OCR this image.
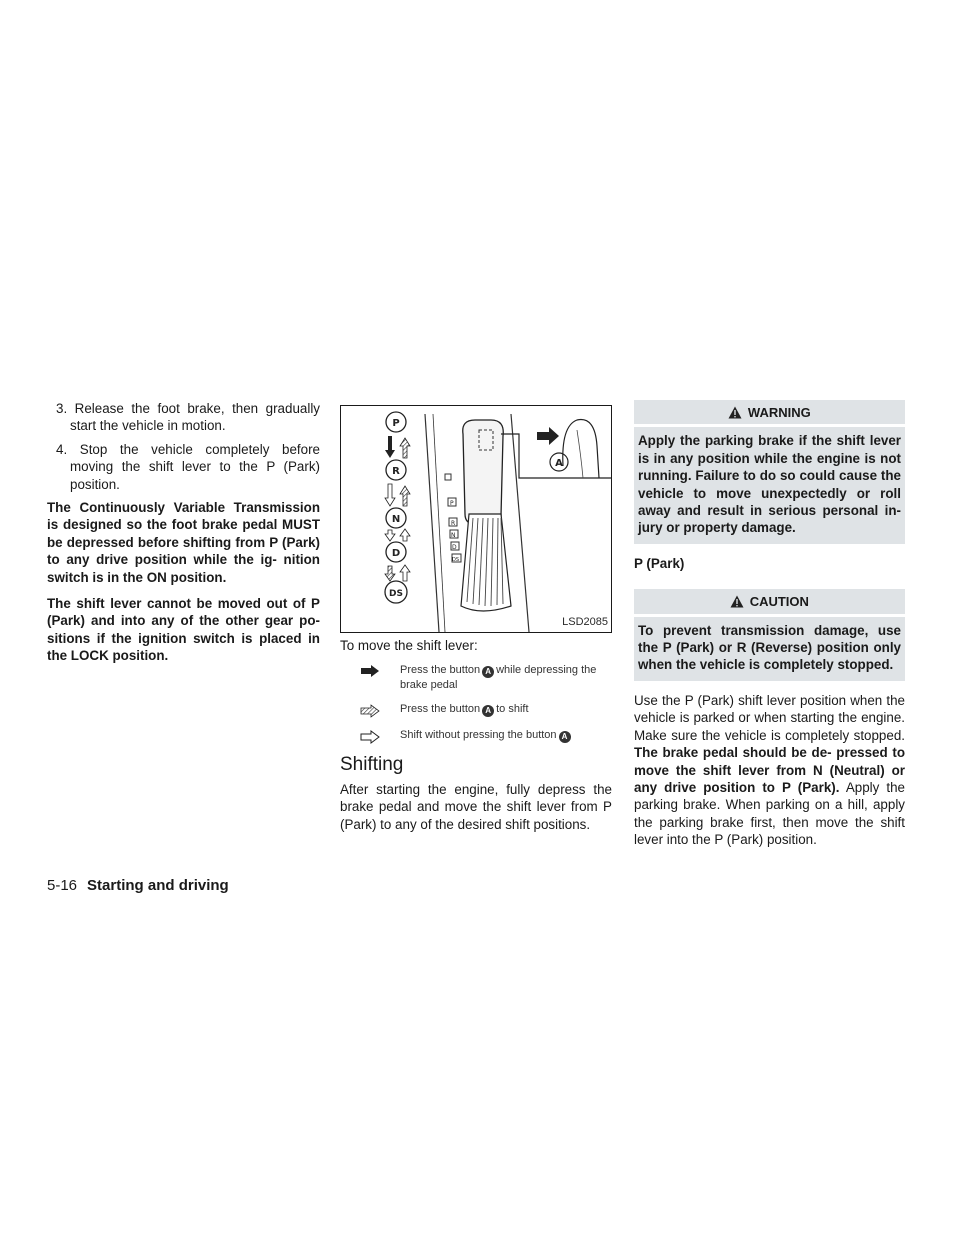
3. Release the foot brake, then gradually start the vehicle in motion.

4. Stop the vehicle completely before moving the shift lever to the P (Park) position.

The Continuously Variable Transmission is designed so the foot brake pedal MUST be depressed before shifting from P (Park) to any drive position while the ig- nition switch is in the ON position.

The shift lever cannot be moved out of P (Park) and into any of the other gear po- sitions if the ignition switch is placed in the LOCK position.

P
R
N
D
DS
P
R
N
D
DS
A
LSD2085

To move the shift lever:

Press the button A while depressing the brake pedal
Press the button A to shift
Shift without pressing the button A
Shifting

After starting the engine, fully depress the brake pedal and move the shift lever from P (Park) to any of the desired shift positions.

WARNING
Apply the parking brake if the shift lever is in any position while the engine is not running. Failure to do so could cause the vehicle to move unexpectedly or roll away and result in serious personal in- jury or property damage.

P (Park)

CAUTION
To prevent transmission damage, use the P (Park) or R (Reverse) position only when the vehicle is completely stopped.

Use the P (Park) shift lever position when the vehicle is parked or when starting the engine. Make sure the vehicle is completely stopped. The brake pedal should be de- pressed to move the shift lever from N (Neutral) or any drive position to P (Park). Apply the parking brake. When parking on a hill, apply the parking brake first, then move the shift lever into the P (Park) position.

5-16 Starting and driving
